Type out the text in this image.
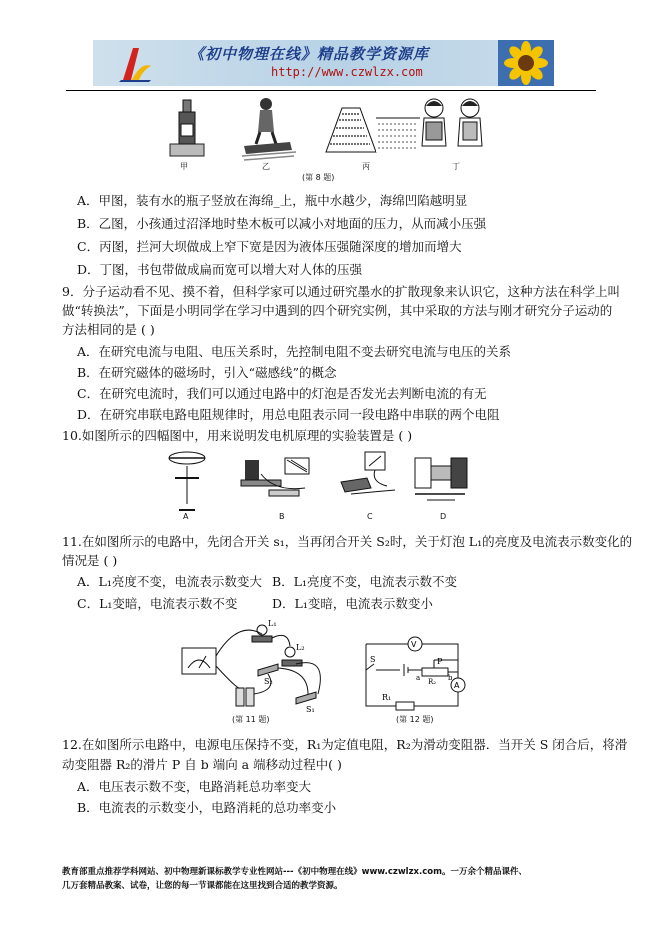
《初中物理在线》精品教学资源库
http://www.czwlzx.com
甲	乙	丙	丁
(第 8 题)
A．甲图，装有水的瓶子竖放在海绵_上，瓶中水越少，海绵凹陷越明显
B．乙图，小孩通过沼泽地时垫木板可以减小对地面的压力，从而减小压强
C．丙图，拦河大坝做成上窄下宽是因为液体压强随深度的增加而增大
D．丁图，书包带做成扁而宽可以增大对人体的压强
9．分子运动看不见、摸不着，但科学家可以通过研究墨水的扩散现象来认识它，这种方法在科学上叫
做“转换法”，下面是小明同学在学习中遇到的四个研究实例，其中采取的方法与刚才研究分子运动的
方法相同的是 ( )
A．在研究电流与电阻、电压关系时，先控制电阻不变去研究电流与电压的关系
B．在研究磁体的磁场时，引入“磁感线”的概念
C．在研究电流时，我们可以通过电路中的灯泡是否发光去判断电流的有无
D．在研究串联电路电阻规律时，用总电阻表示同一段电路中串联的两个电阻
10.如图所示的四幅图中，用来说明发电机原理的实验装置是 ( )
A	B	C	D
11.在如图所示的电路中，先闭合开关 s₁，当再闭合开关 S₂时，关于灯泡 L₁的亮度及电流表示数变化的
情况是 ( )
A．L₁亮度不变，电流表示数变大 B．L₁亮度不变，电流表示数不变
C．L₁变暗，电流表示数不变	D．L₁变暗，电流表示数变小
L₁
L₂
S₂
S₁
(第 11 题)
V
A
S	P
a R₂ b
R₁
(第 12 题)
12.在如图所示电路中，电源电压保持不变，R₁为定值电阻，R₂为滑动变阻器．当开关 S 闭合后，将滑
动变阻器 R₂的滑片 P 自 b 端向 a 端移动过程中( )
A．电压表示数不变，电路消耗总功率变大
B．电流表的示数变小，电路消耗的总功率变小
教育部重点推荐学科网站、初中物理新课标教学专业性网站---《初中物理在线》www.czwlzx.com。一万余个精品课件、
几万套精品教案、试卷，让您的每一节课都能在这里找到合适的教学资源。
